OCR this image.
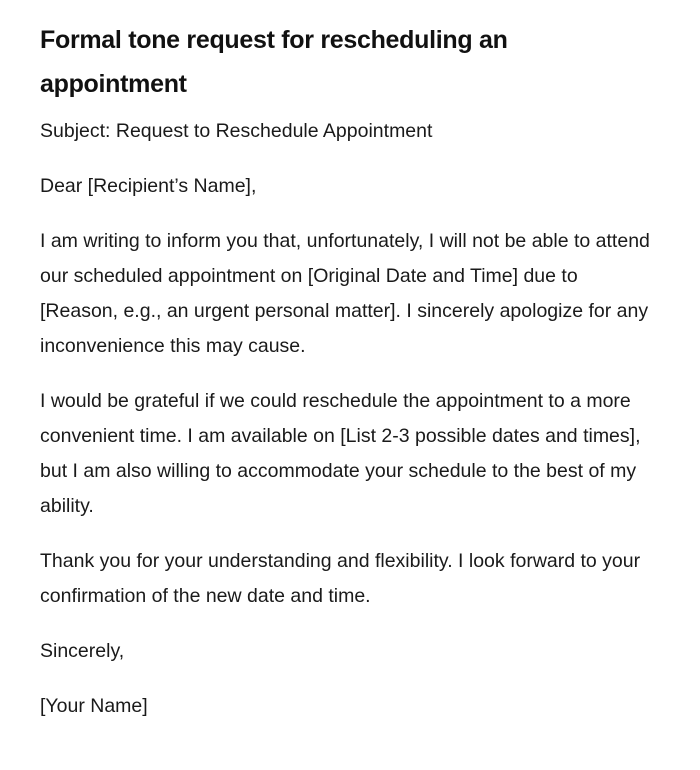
Formal tone request for rescheduling an appointment

Subject: Request to Reschedule Appointment

Dear [Recipient’s Name],

I am writing to inform you that, unfortunately, I will not be able to attend our scheduled appointment on [Original Date and Time] due to [Reason, e.g., an urgent personal matter]. I sincerely apologize for any inconvenience this may cause.

I would be grateful if we could reschedule the appointment to a more convenient time. I am available on [List 2-3 possible dates and times], but I am also willing to accommodate your schedule to the best of my ability.

Thank you for your understanding and flexibility. I look forward to your confirmation of the new date and time.

Sincerely,

[Your Name]
